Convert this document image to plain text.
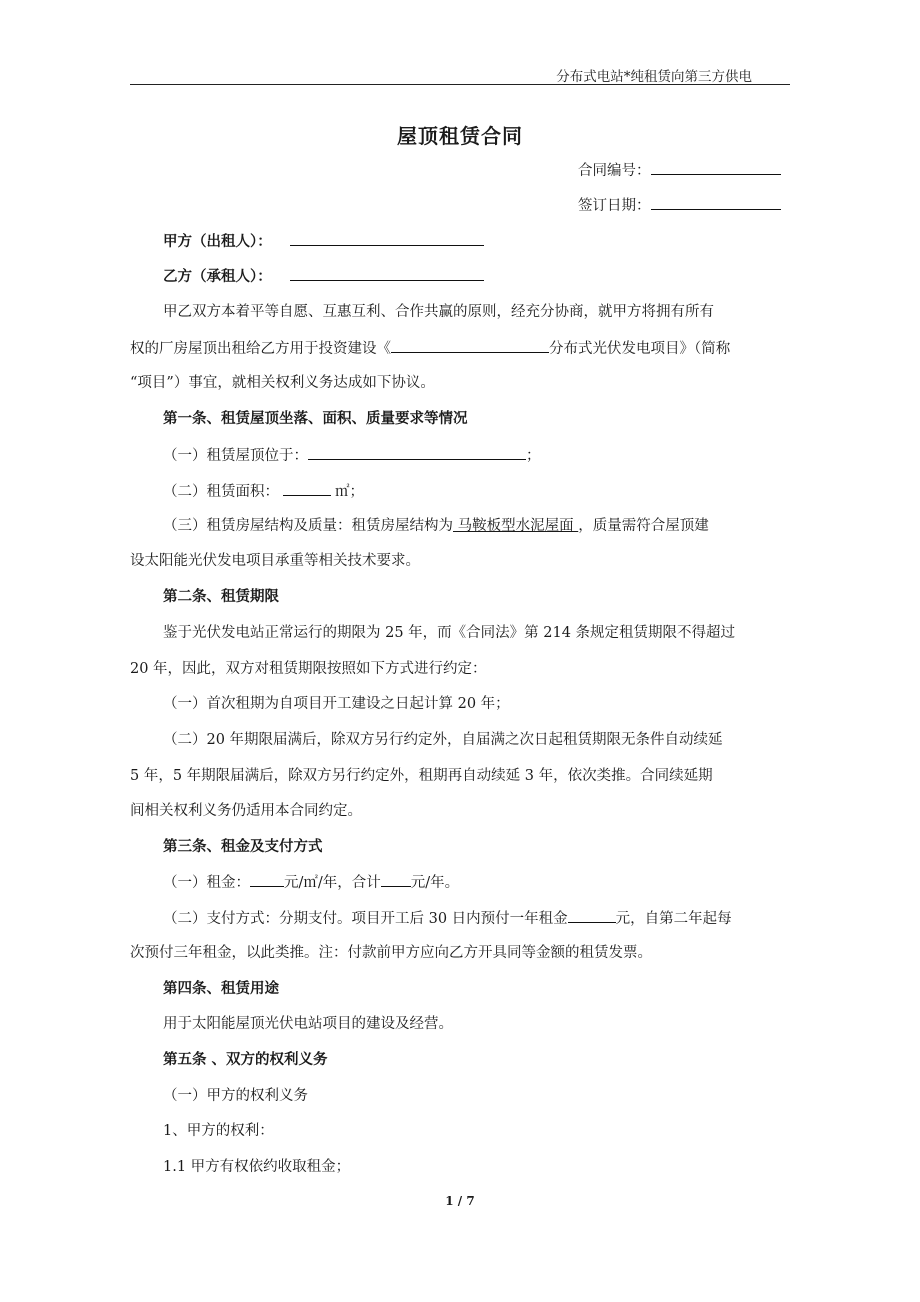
分布式电站*纯租赁向第三方供电
屋顶租赁合同
合同编号：
签订日期：
甲方（出租人）：
乙方（承租人）：
甲乙双方本着平等自愿、互惠互利、合作共赢的原则，经充分协商，就甲方将拥有所有
权的厂房屋顶出租给乙方用于投资建设《	分布式光伏发电项目》（简称
“项目”）事宜，就相关权利义务达成如下协议。
第一条、租赁屋顶坐落、面积、质量要求等情况
（一）租赁屋顶位于：	；
（二）租赁面积：	㎡；
（三）租赁房屋结构及质量：租赁房屋结构为 马鞍板型水泥屋面 ，质量需符合屋顶建
设太阳能光伏发电项目承重等相关技术要求。
第二条、租赁期限
鉴于光伏发电站正常运行的期限为 25 年，而《合同法》第 214 条规定租赁期限不得超过
20 年，因此，双方对租赁期限按照如下方式进行约定：
（一）首次租期为自项目开工建设之日起计算 20 年；
（二）20 年期限届满后，除双方另行约定外，自届满之次日起租赁期限无条件自动续延
5 年，5 年期限届满后，除双方另行约定外，租期再自动续延 3 年，依次类推。合同续延期
间相关权利义务仍适用本合同约定。
第三条、租金及支付方式
（一）租金： 元/㎡/年，合计 元/年。
（二）支付方式：分期支付。项目开工后 30 日内预付一年租金	元，自第二年起每
次预付三年租金，以此类推。注：付款前甲方应向乙方开具同等金额的租赁发票。
第四条、租赁用途
用于太阳能屋顶光伏电站项目的建设及经营。
第五条 、双方的权利义务
（一）甲方的权利义务
1、甲方的权利：
1.1 甲方有权依约收取租金；
1 / 7
